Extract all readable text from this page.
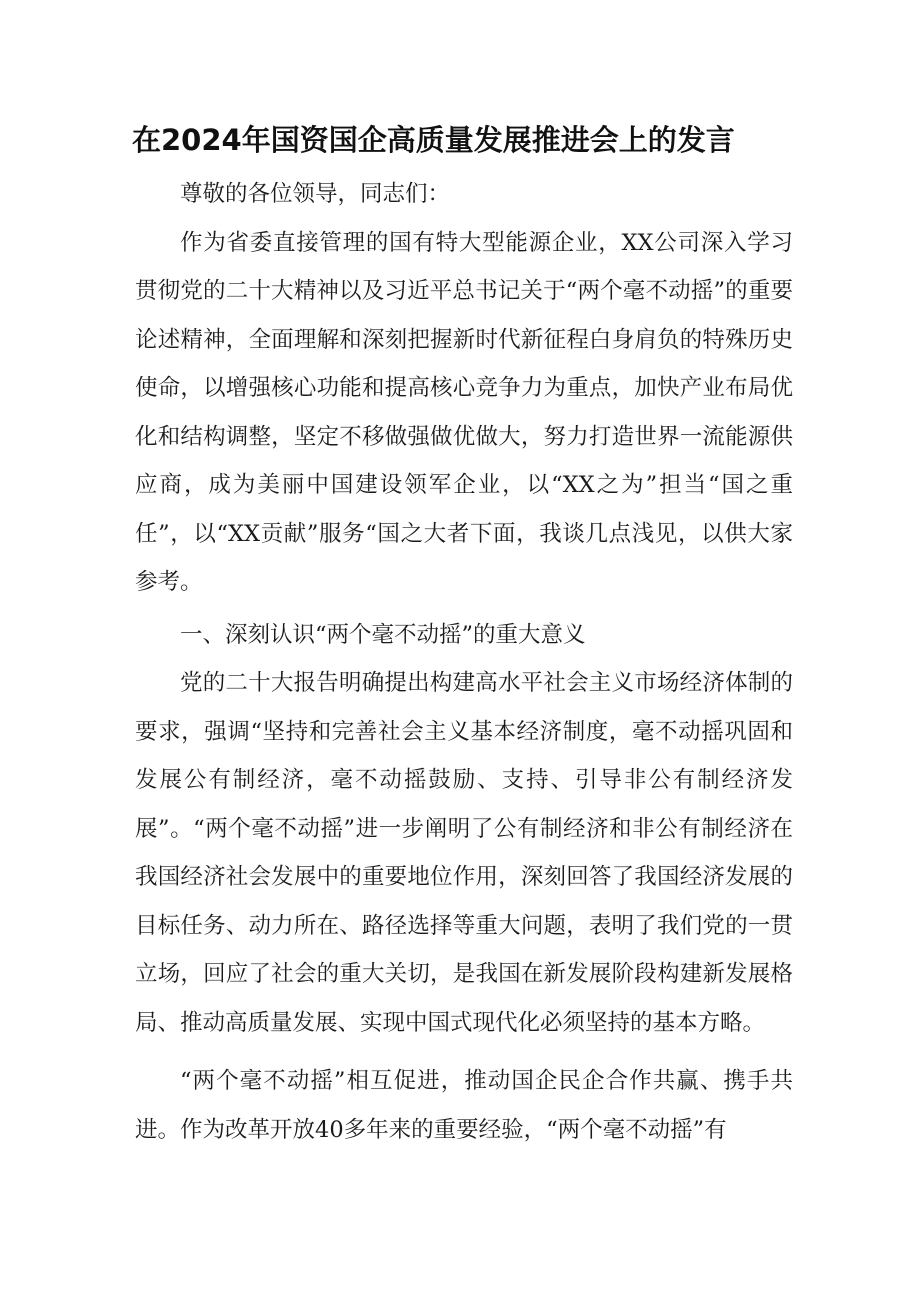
在2024年国资国企高质量发展推进会上的发言

尊敬的各位领导，同志们：

作为省委直接管理的国有特大型能源企业，XX公司深入学习贯彻党的二十大精神以及习近平总书记关于“两个毫不动摇”的重要论述精神，全面理解和深刻把握新时代新征程白身肩负的特殊历史使命，以增强核心功能和提高核心竞争力为重点，加快产业布局优化和结构调整，坚定不移做强做优做大，努力打造世界一流能源供应商，成为美丽中国建设领军企业，以“XX之为”担当“国之重任”，以“XX贡献”服务“国之大者下面，我谈几点浅见，以供大家参考。

一、深刻认识“两个毫不动摇”的重大意义

党的二十大报告明确提出构建高水平社会主义市场经济体制的要求，强调“坚持和完善社会主义基本经济制度，毫不动摇巩固和发展公有制经济，毫不动摇鼓励、支持、引导非公有制经济发展”。“两个毫不动摇”进一步阐明了公有制经济和非公有制经济在我国经济社会发展中的重要地位作用，深刻回答了我国经济发展的目标任务、动力所在、路径选择等重大问题，表明了我们党的一贯立场，回应了社会的重大关切，是我国在新发展阶段构建新发展格局、推动高质量发展、实现中国式现代化必须坚持的基本方略。

“两个毫不动摇”相互促进，推动国企民企合作共赢、携手共进。作为改革开放40多年来的重要经验，“两个毫不动摇”有
